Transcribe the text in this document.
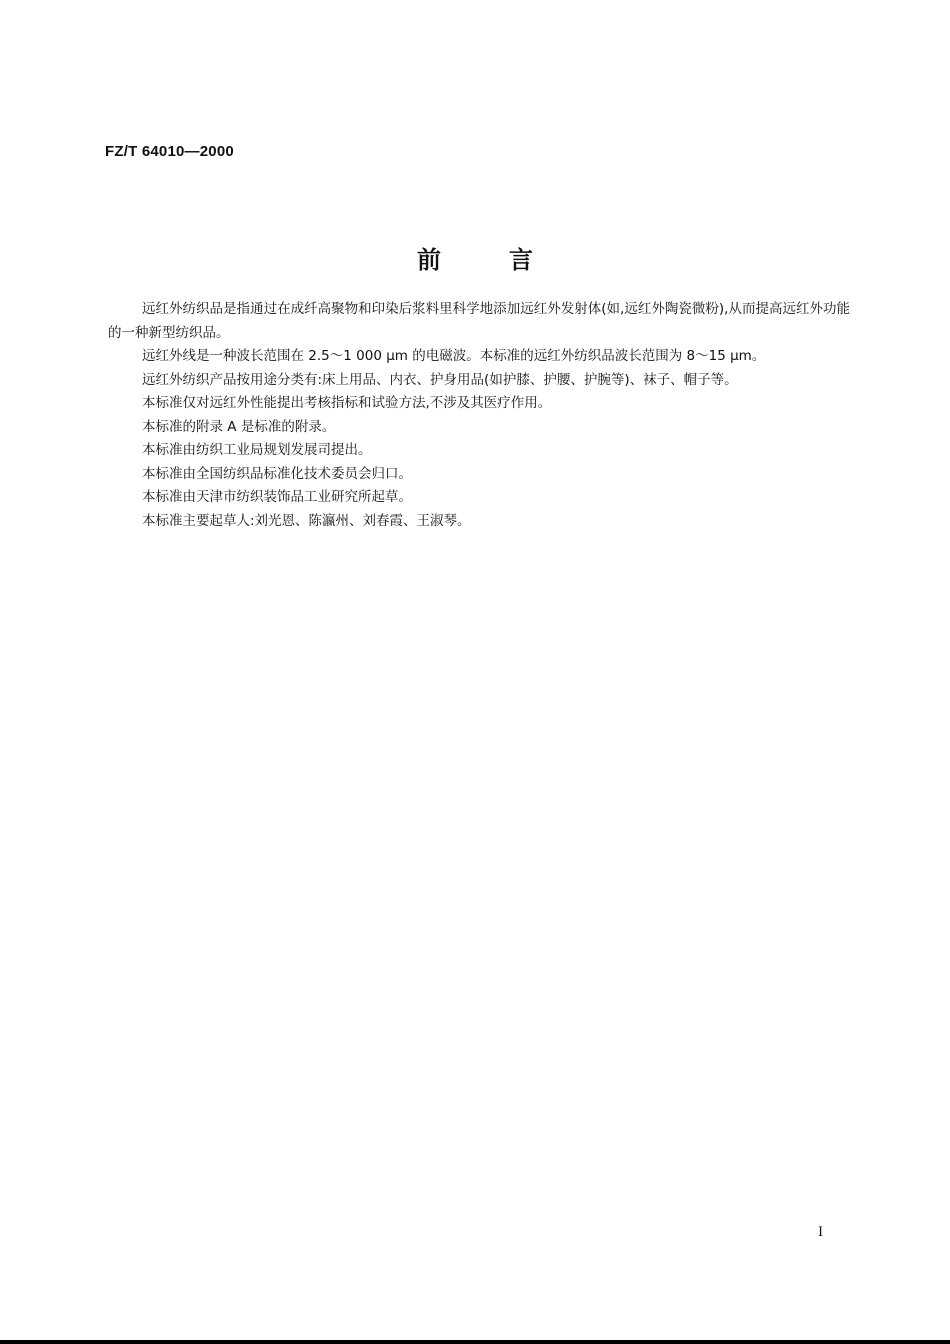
FZ/T 64010—2000
前言

远红外纺织品是指通过在成纤高聚物和印染后浆料里科学地添加远红外发射体(如,远红外陶瓷微粉),从而提高远红外功能的一种新型纺织品。

远红外线是一种波长范围在 2.5～1 000 μm 的电磁波。本标准的远红外纺织品波长范围为 8～15 μm。

远红外纺织产品按用途分类有:床上用品、内衣、护身用品(如护膝、护腰、护腕等)、袜子、帽子等。

本标准仅对远红外性能提出考核指标和试验方法,不涉及其医疗作用。

本标准的附录 A 是标准的附录。

本标准由纺织工业局规划发展司提出。

本标准由全国纺织品标准化技术委员会归口。

本标准由天津市纺织装饰品工业研究所起草。

本标准主要起草人:刘光恩、陈瀛州、刘春霞、王淑琴。

I
